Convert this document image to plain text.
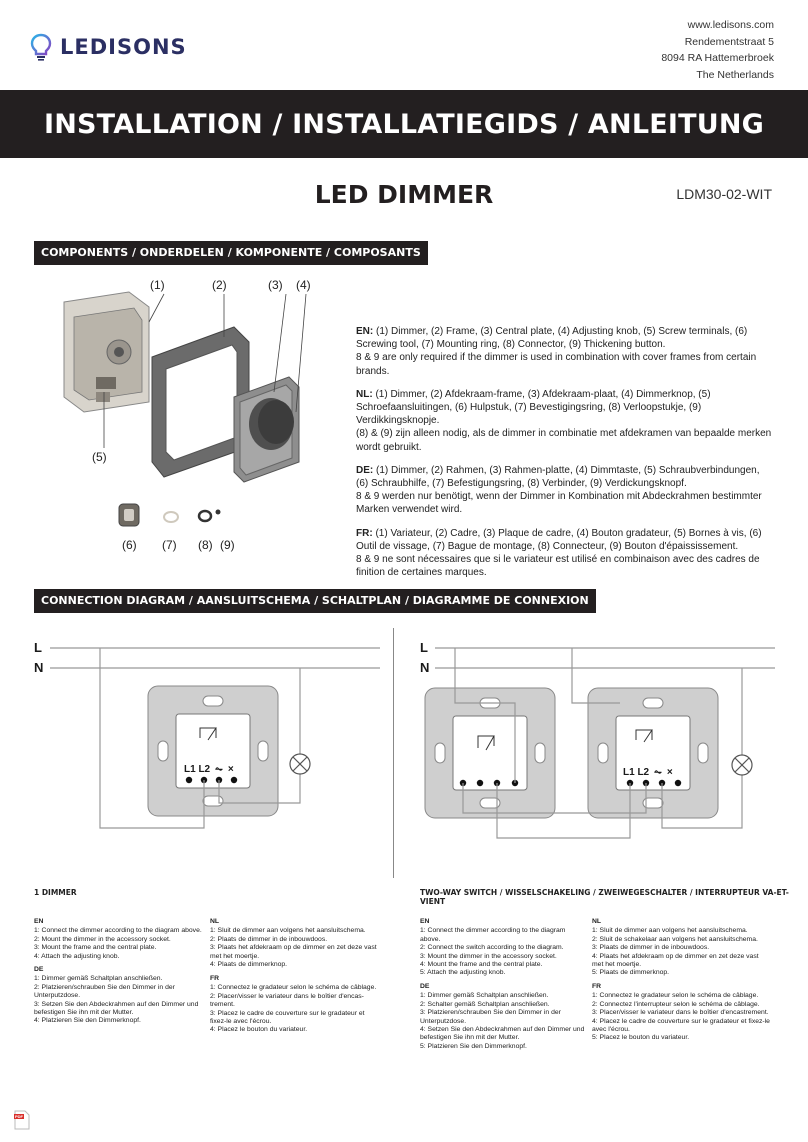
LEDISONS
www.ledisons.com
Rendementstraat 5
8094 RA Hattemerbroek
The Netherlands
INSTALLATION / INSTALLATIEGIDS / ANLEITUNG
LED DIMMER	LDM30-02-WIT
COMPONENTS / ONDERDELEN / KOMPONENTE / COMPOSANTS
(1)	(2)	(3) (4)
(5)
(6) (7) (8) (9)

EN: (1) Dimmer, (2) Frame, (3) Central plate, (4) Adjusting knob, (5) Screw terminals, (6) Screwing tool, (7) Mounting ring, (8) Connector, (9) Thickening button.
8 & 9 are only required if the dimmer is used in combination with cover frames from certain brands.

NL: (1) Dimmer, (2) Afdekraam-frame, (3) Afdekraam-plaat, (4) Dimmerknop, (5) Schroefaansluitingen, (6) Hulpstuk, (7) Bevestigingsring, (8) Verloopstukje, (9) Verdikkingsknopje.
(8) & (9) zijn alleen nodig, als de dimmer in combinatie met afdekramen van bepaalde merken wordt gebruikt.

DE: (1) Dimmer, (2) Rahmen, (3) Rahmen-platte, (4) Dimmtaste, (5) Schraubverbindungen, (6) Schraubhilfe, (7) Befestigungsring, (8) Verbinder, (9) Verdickungsknopf.
8 & 9 werden nur benötigt, wenn der Dimmer in Kombination mit Abdeckrahmen bestimmter Marken verwendet wird.

FR: (1) Variateur, (2) Cadre, (3) Plaque de cadre, (4) Bouton gradateur, (5) Bornes à vis, (6) Outil de vissage, (7) Bague de montage, (8) Connecteur, (9) Bouton d'épaississement.
8 & 9 ne sont nécessaires que si le variateur est utilisé en combinaison avec des cadres de finition de certaines marques.

CONNECTION DIAGRAM / AANSLUITSCHEMA / SCHALTPLAN / DIAGRAMME DE CONNEXION
L
N
L
N
L1 L2 ⏦ ×	L1 L2 ⏦ ×
1 DIMMER	TWO-WAY SWITCH / WISSELSCHAKELING / ZWEIWEGESCHALTER / INTERRUPTEUR VA-ET-VIENT
EN
1: Connect the dimmer according to the diagram above.
2: Mount the dimmer in the accessory socket.
3: Mount the frame and the central plate.
4: Attach the adjusting knob.
DE
1: Dimmer gemäß Schaltplan anschließen.
2: Platzieren/schrauben Sie den Dimmer in der
Unterputzdose.
3: Setzen Sie den Abdeckrahmen auf den Dimmer und
befestigen Sie ihn mit der Mutter.
4: Platzieren Sie den Dimmerknopf.
NL
1: Sluit de dimmer aan volgens het aansluitschema.
2: Plaats de dimmer in de inbouwdoos.
3: Plaats het afdekraam op de dimmer en zet deze vast
met het moertje.
4: Plaats de dimmerknop.
FR
1: Connectez le gradateur selon le schéma de câblage.
2: Placer/visser le variateur dans le boîtier d'encas-
trement.
3: Placez le cadre de couverture sur le gradateur et
fixez-le avec l'écrou.
4: Placez le bouton du variateur.
EN
1: Connect the dimmer according to the diagram
above.
2: Connect the switch according to the diagram.
3: Mount the dimmer in the accessory socket.
4: Mount the frame and the central plate.
5: Attach the adjusting knob.
DE
1: Dimmer gemäß Schaltplan anschließen.
2: Schalter gemäß Schaltplan anschließen.
3: Platzieren/schrauben Sie den Dimmer in der
Unterputzdose.
4: Setzen Sie den Abdeckrahmen auf den Dimmer und
befestigen Sie ihn mit der Mutter.
5: Platzieren Sie den Dimmerknopf.
NL
1: Sluit de dimmer aan volgens het aansluitschema.
2: Sluit de schakelaar aan volgens het aansluitschema.
3: Plaats de dimmer in de inbouwdoos.
4: Plaats het afdekraam op de dimmer en zet deze vast
met het moertje.
5: Plaats de dimmerknop.
FR
1: Connectez le gradateur selon le schéma de câblage.
2: Connectez l'interrupteur selon le schéma de câblage.
3: Placer/visser le variateur dans le boîtier d'encastrement.
4: Placez le cadre de couverture sur le gradateur et fixez-le
avec l'écrou.
5: Placez le bouton du variateur.
PDF
